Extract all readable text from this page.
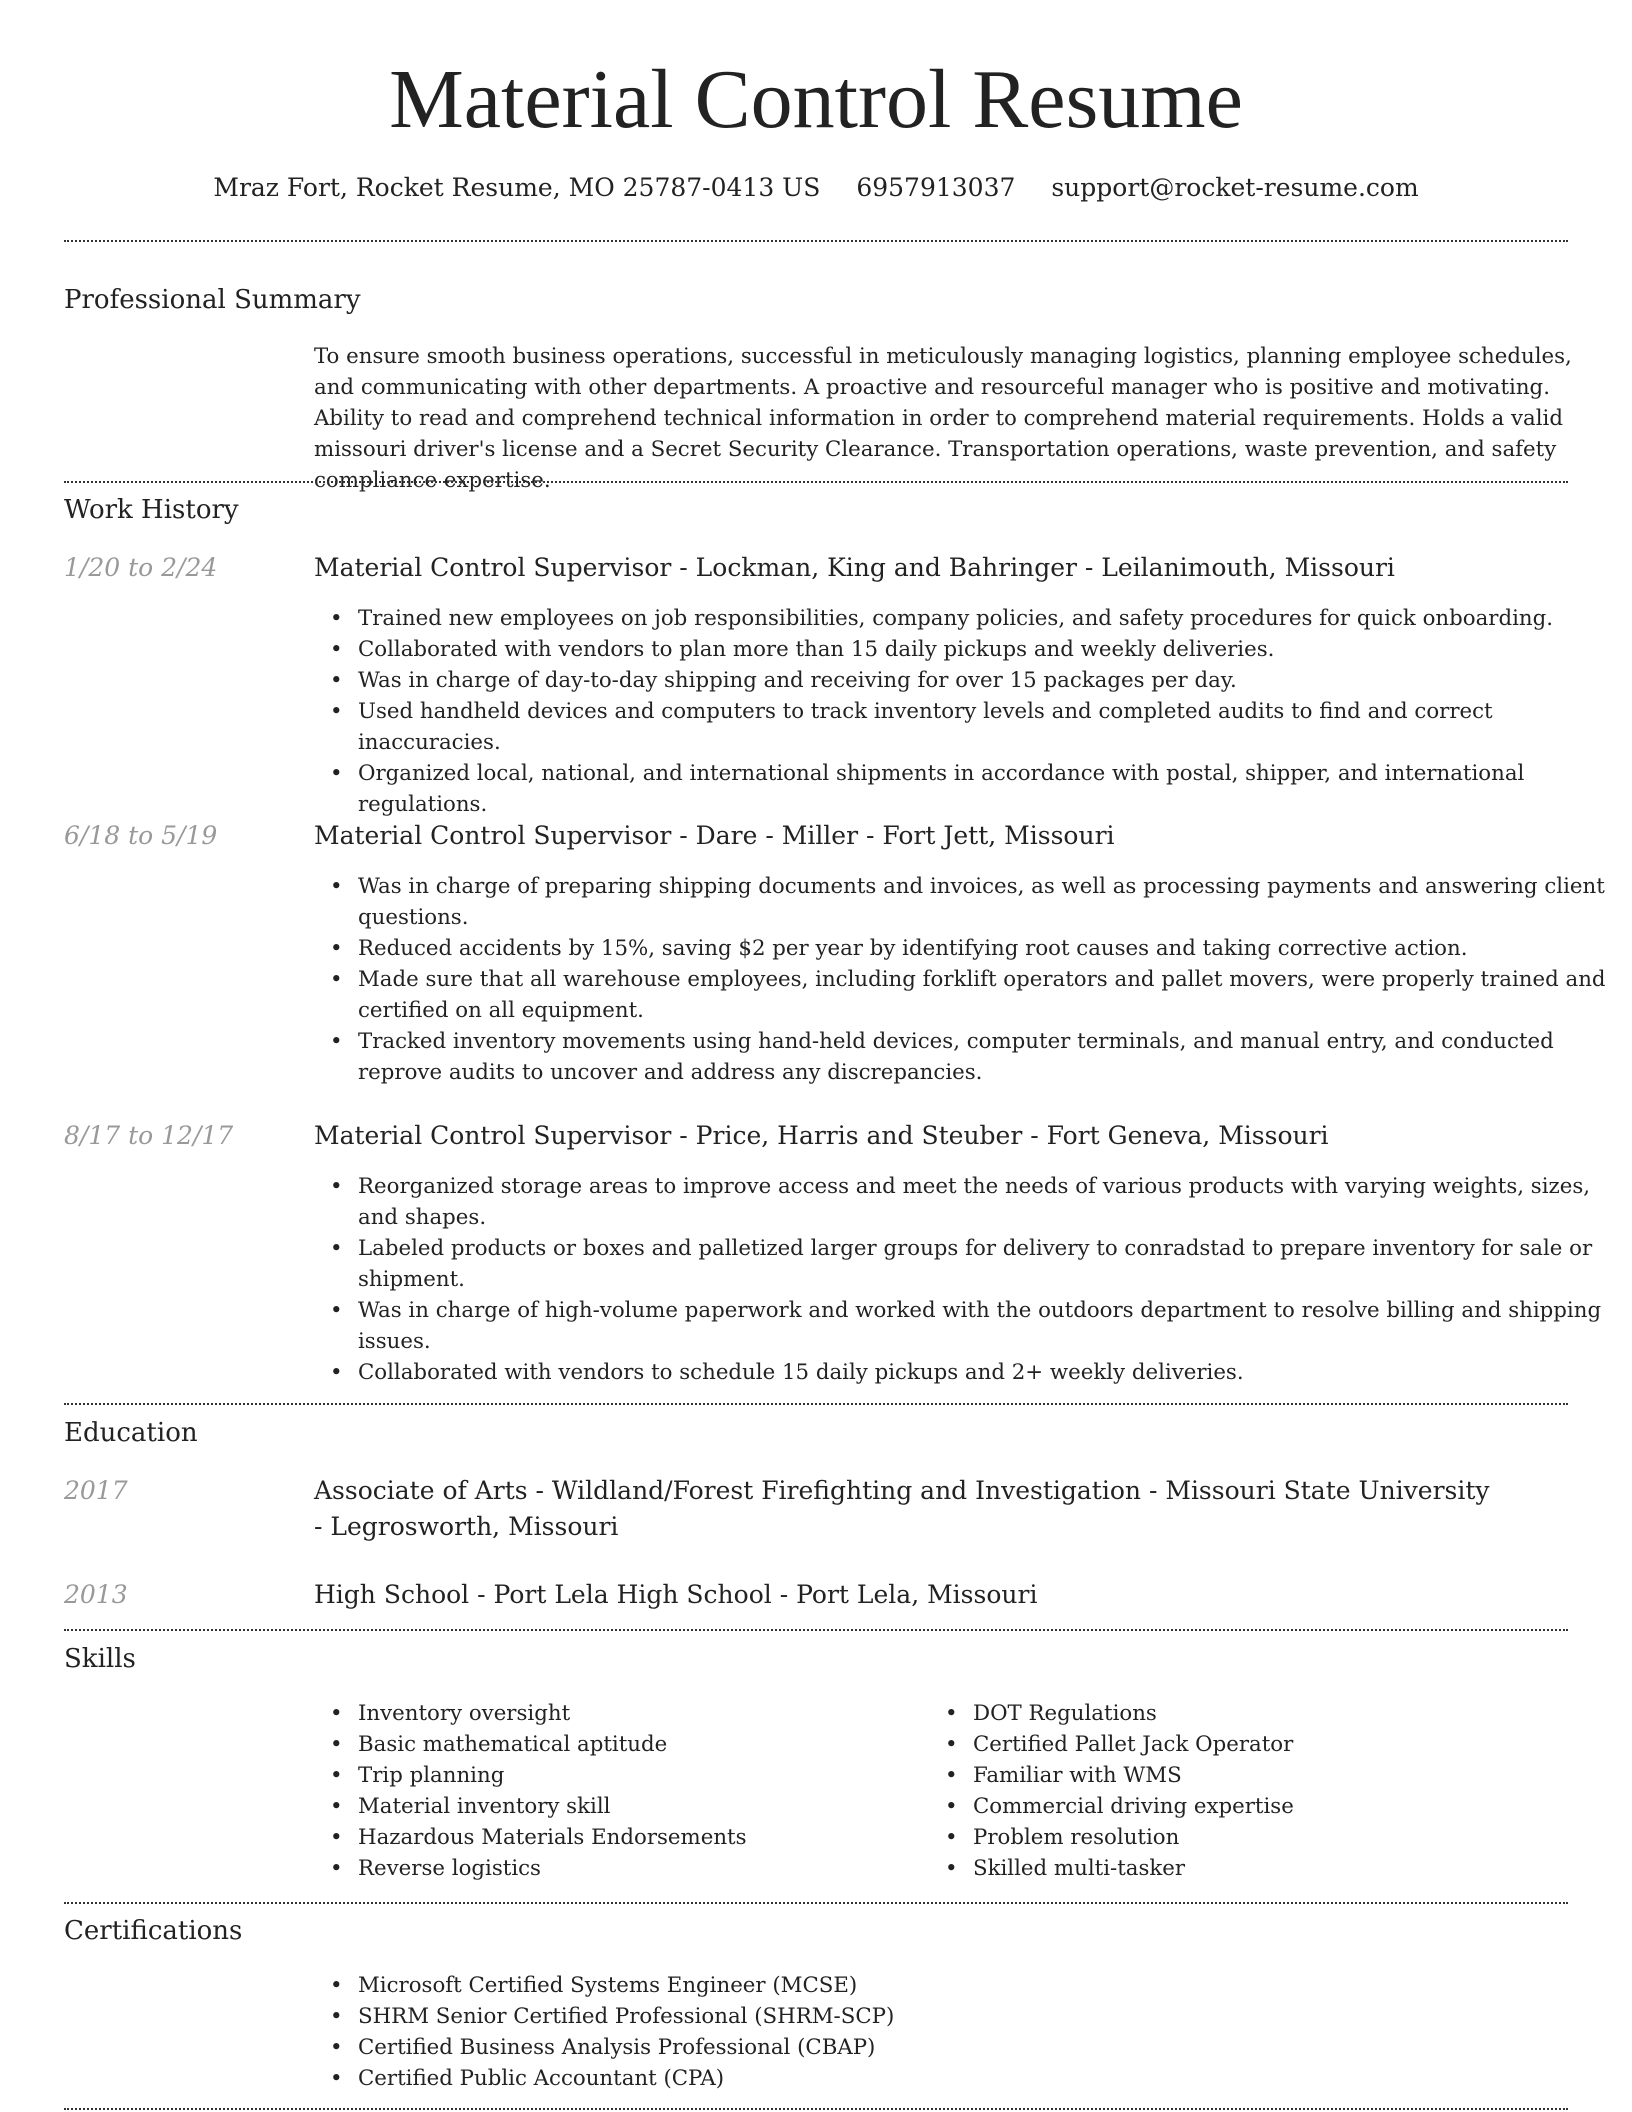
Material Control Resume
Mraz Fort, Rocket Resume, MO 25787-0413 US 6957913037 support@rocket-resume.com
Professional Summary
To ensure smooth business operations, successful in meticulously managing logistics, planning employee schedules, and communicating with other departments. A proactive and resourceful manager who is positive and motivating. Ability to read and comprehend technical information in order to comprehend material requirements. Holds a valid missouri driver's license and a Secret Security Clearance. Transportation operations, waste prevention, and safety compliance expertise.
Work History
1/20 to 2/24	Material Control Supervisor - Lockman, King and Bahringer - Leilanimouth, Missouri
• Trained new employees on job responsibilities, company policies, and safety procedures for quick onboarding.
• Collaborated with vendors to plan more than 15 daily pickups and weekly deliveries.
• Was in charge of day-to-day shipping and receiving for over 15 packages per day.
• Used handheld devices and computers to track inventory levels and completed audits to find and correct inaccuracies.
• Organized local, national, and international shipments in accordance with postal, shipper, and international regulations.
6/18 to 5/19	Material Control Supervisor - Dare - Miller - Fort Jett, Missouri
• Was in charge of preparing shipping documents and invoices, as well as processing payments and answering client questions.
• Reduced accidents by 15%, saving $2 per year by identifying root causes and taking corrective action.
• Made sure that all warehouse employees, including forklift operators and pallet movers, were properly trained and certified on all equipment.
• Tracked inventory movements using hand-held devices, computer terminals, and manual entry, and conducted reprove audits to uncover and address any discrepancies.
8/17 to 12/17	Material Control Supervisor - Price, Harris and Steuber - Fort Geneva, Missouri
• Reorganized storage areas to improve access and meet the needs of various products with varying weights, sizes, and shapes.
• Labeled products or boxes and palletized larger groups for delivery to conradstad to prepare inventory for sale or shipment.
• Was in charge of high-volume paperwork and worked with the outdoors department to resolve billing and shipping issues.
• Collaborated with vendors to schedule 15 daily pickups and 2+ weekly deliveries.
Education
2017	Associate of Arts - Wildland/Forest Firefighting and Investigation - Missouri State University - Legrosworth, Missouri
2013	High School - Port Lela High School - Port Lela, Missouri
Skills
• Inventory oversight
• Basic mathematical aptitude
• Trip planning
• Material inventory skill
• Hazardous Materials Endorsements
• Reverse logistics
• DOT Regulations
• Certified Pallet Jack Operator
• Familiar with WMS
• Commercial driving expertise
• Problem resolution
• Skilled multi-tasker
Certifications
• Microsoft Certified Systems Engineer (MCSE)
• SHRM Senior Certified Professional (SHRM-SCP)
• Certified Business Analysis Professional (CBAP)
• Certified Public Accountant (CPA)
